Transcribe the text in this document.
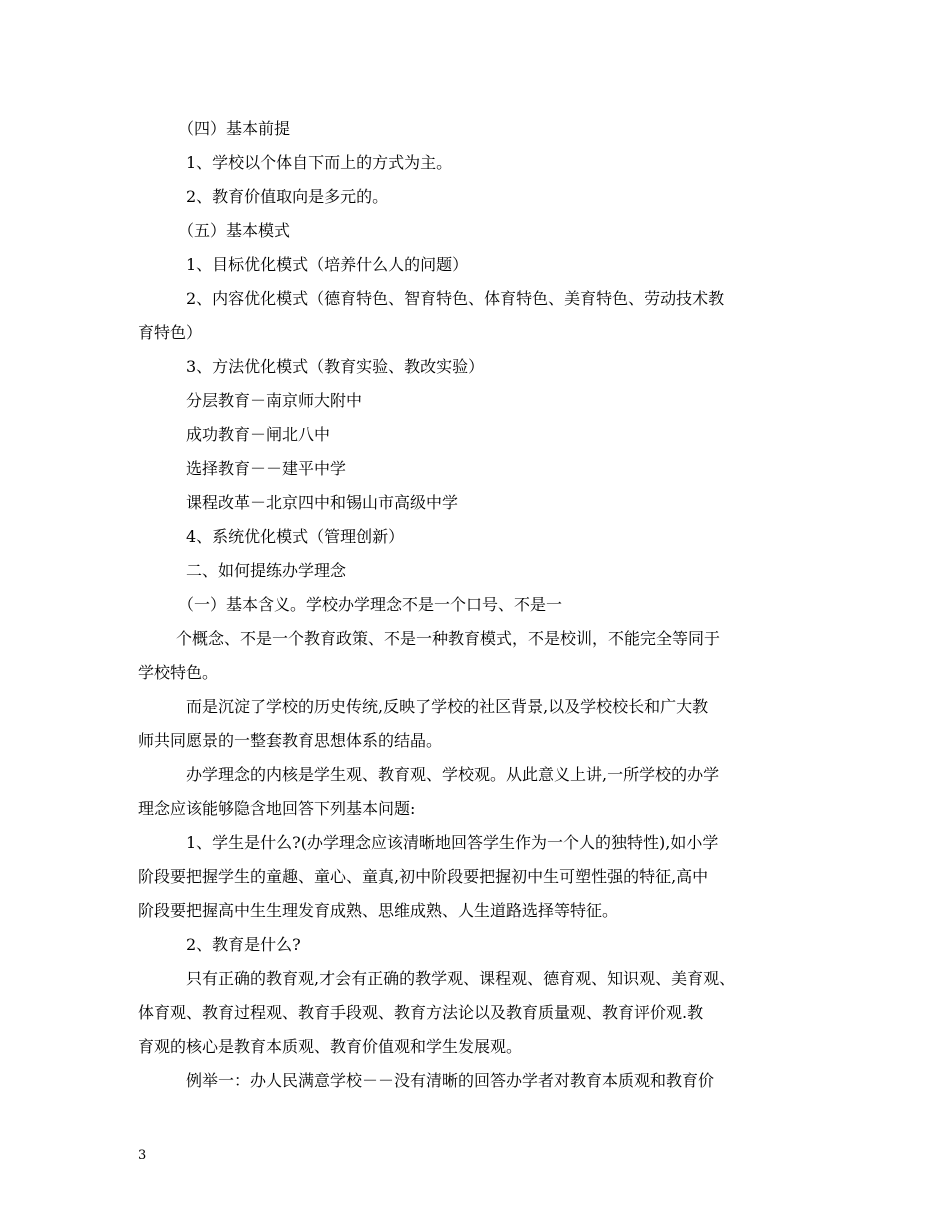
（四）基本前提
1、学校以个体自下而上的方式为主。
2、教育价值取向是多元的。
（五）基本模式
1、目标优化模式（培养什么人的问题）
2、内容优化模式（德育特色、智育特色、体育特色、美育特色、劳动技术教
育特色）
3、方法优化模式（教育实验、教改实验）
分层教育－南京师大附中
成功教育－闸北八中
选择教育－－建平中学
课程改革－北京四中和锡山市高级中学
4、系统优化模式（管理创新）
二、如何提练办学理念
（一）基本含义。学校办学理念不是一个口号、不是一
个概念、不是一个教育政策、不是一种教育模式，不是校训，不能完全等同于
学校特色。
而是沉淀了学校的历史传统,反映了学校的社区背景,以及学校校长和广大教
师共同愿景的一整套教育思想体系的结晶。
办学理念的内核是学生观、教育观、学校观。从此意义上讲,一所学校的办学
理念应该能够隐含地回答下列基本问题:
1、学生是什么?(办学理念应该清晰地回答学生作为一个人的独特性),如小学
阶段要把握学生的童趣、童心、童真,初中阶段要把握初中生可塑性强的特征,高中
阶段要把握高中生生理发育成熟、思维成熟、人生道路选择等特征。
2、教育是什么?
只有正确的教育观,才会有正确的教学观、课程观、德育观、知识观、美育观、
体育观、教育过程观、教育手段观、教育方法论以及教育质量观、教育评价观.教
育观的核心是教育本质观、教育价值观和学生发展观。
例举一：办人民满意学校－－没有清晰的回答办学者对教育本质观和教育价
3
